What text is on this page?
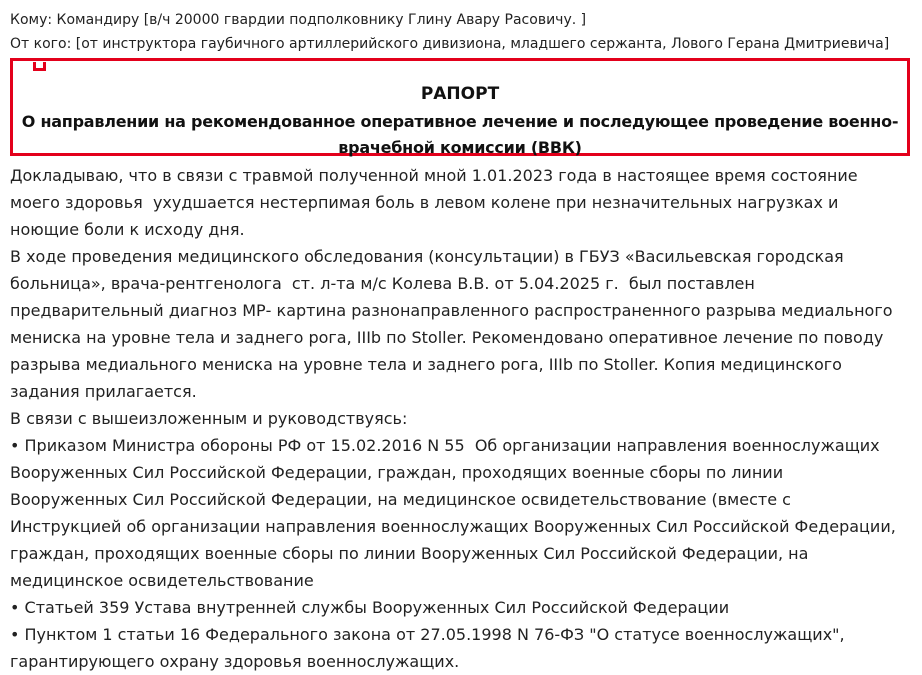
Кому: Командиру [в/ч 20000 гвардии подполковнику Глину Авару Расовичу. ]
От кого: [от инструктора гаубичного артиллерийского дивизиона, младшего сержанта, Лового Герана Дмитриевича]
РАПОРТ
О направлении на рекомендованное оперативное лечение и последующее проведение военно-врачебной комиссии (ВВК)

Докладываю, что в связи с травмой полученной мной 1.01.2023 года в настоящее время состояние моего здоровья  ухудшается нестерпимая боль в левом колене при незначительных нагрузках и ноющие боли к исходу дня.

В ходе проведения медицинского обследования (консультации) в ГБУЗ «Васильевская городская больница», врача-рентгенолога  ст. л-та м/с Колева В.В. от 5.04.2025 г.  был поставлен предварительный диагноз МР- картина разнонаправленного распространенного разрыва медиального мениска на уровне тела и заднего рога, IIIb по Stoller. Рекомендовано оперативное лечение по поводу разрыва медиального мениска на уровне тела и заднего рога, IIIb по Stoller. Копия медицинского задания прилагается.

В связи с вышеизложенным и руководствуясь:

• Приказом Министра обороны РФ от 15.02.2016 N 55  Об организации направления военнослужащих Вооруженных Сил Российской Федерации, граждан, проходящих военные сборы по линии Вооруженных Сил Российской Федерации, на медицинское освидетельствование (вместе с Инструкцией об организации направления военнослужащих Вооруженных Сил Российской Федерации, граждан, проходящих военные сборы по линии Вооруженных Сил Российской Федерации, на медицинское освидетельствование

• Статьей 359 Устава внутренней службы Вооруженных Сил Российской Федерации

• Пунктом 1 статьи 16 Федерального закона от 27.05.1998 N 76-ФЗ "О статусе военнослужащих", гарантирующего охрану здоровья военнослужащих.
